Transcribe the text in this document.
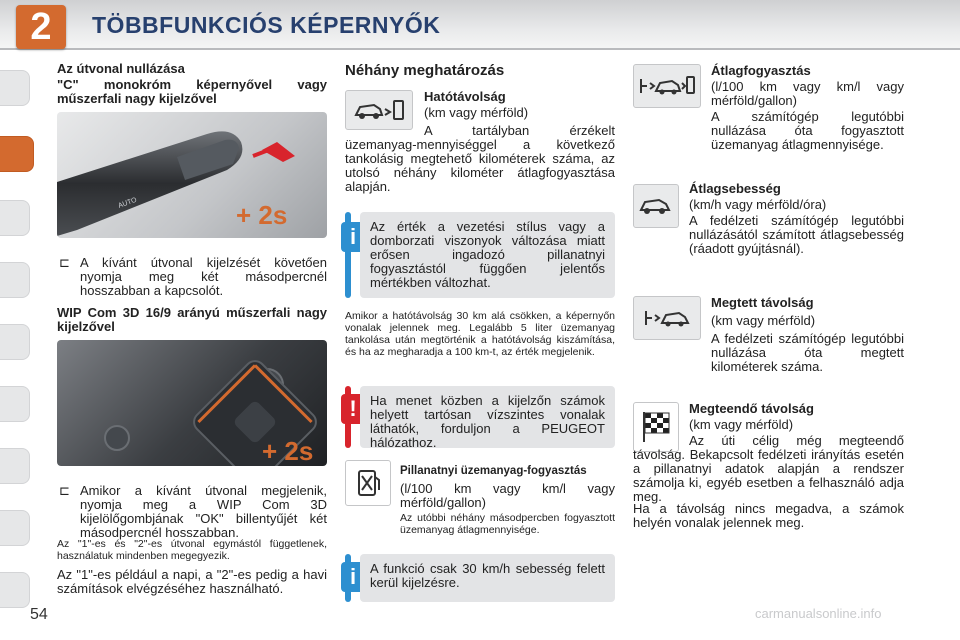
2	TÖBBFUNKCIÓS KÉPERNYŐK
Az útvonal nullázása
"C" monokróm képernyővel vagy műszerfali nagy kijelzővel
AUTO	+ 2s
⊏ A kívánt útvonal kijelzését követően nyomja meg két másodpercnél hosszabban a kapcsolót.
WIP Com 3D 16/9 arányú műszerfali nagy kijelzővel
+ 2s
⊏ Amikor a kívánt útvonal megjelenik, nyomja meg a WIP Com 3D kijelölőgombjának "OK" billentyűjét két másodpercnél hosszabban.
Az "1"-es és "2"-es útvonal egymástól függetlenek, használatuk mindenben megegyezik.
Az "1"-es például a napi, a "2"-es pedig a havi számítások elvégzéséhez használható.
Néhány meghatározás
Hatótávolság
(km vagy mérföld)
A tartályban érzékelt üzemanyag-mennyiséggel a következő tankolásig megtehető kilométerek száma, az utolsó néhány kilométer átlagfogyasztása alapján.
i	Az érték a vezetési stílus vagy a domborzati viszonyok változása miatt erősen ingadozó pillanatnyi fogyasztástól függően jelentős mértékben változhat.
Amikor a hatótávolság 30 km alá csökken, a képernyőn vonalak jelennek meg. Legalább 5 liter üzemanyag tankolása után megtörténik a hatótávolság kiszámítása, és ha az megharadja a 100 km-t, az érték megjelenik.
!	Ha menet közben a kijelzőn számok helyett tartósan vízszintes vonalak láthatók, forduljon a PEUGEOT hálózathoz.
Pillanatnyi üzemanyag-fogyasztás
(l/100 km vagy km/l vagy mérföld/gallon)
Az utóbbi néhány másodpercben fogyasztott üzemanyag átlagmennyisége.
i	A funkció csak 30 km/h sebesség felett kerül kijelzésre.
Átlagfogyasztás
(l/100 km vagy km/l vagy mérföld/gallon)
A számítógép legutóbbi nullázása óta fogyasztott üzemanyag átlagmennyisége.
Átlagsebesség
(km/h vagy mérföld/óra)
A fedélzeti számítógép legutóbbi nullázásától számított átlagsebesség (ráadott gyújtásnál).
Megtett távolság
(km vagy mérföld)
A fedélzeti számítógép legutóbbi nullázása óta megtett kilométerek száma.
Megteendő távolság
(km vagy mérföld)
Az úti célig még megteendő távolság. Bekapcsolt fedélzeti irányítás esetén a pillanatnyi adatok alapján a rendszer számolja ki, egyéb esetben a felhasználó adja meg.
Ha a távolság nincs megadva, a számok helyén vonalak jelennek meg.
54	carmanualsonline.info
